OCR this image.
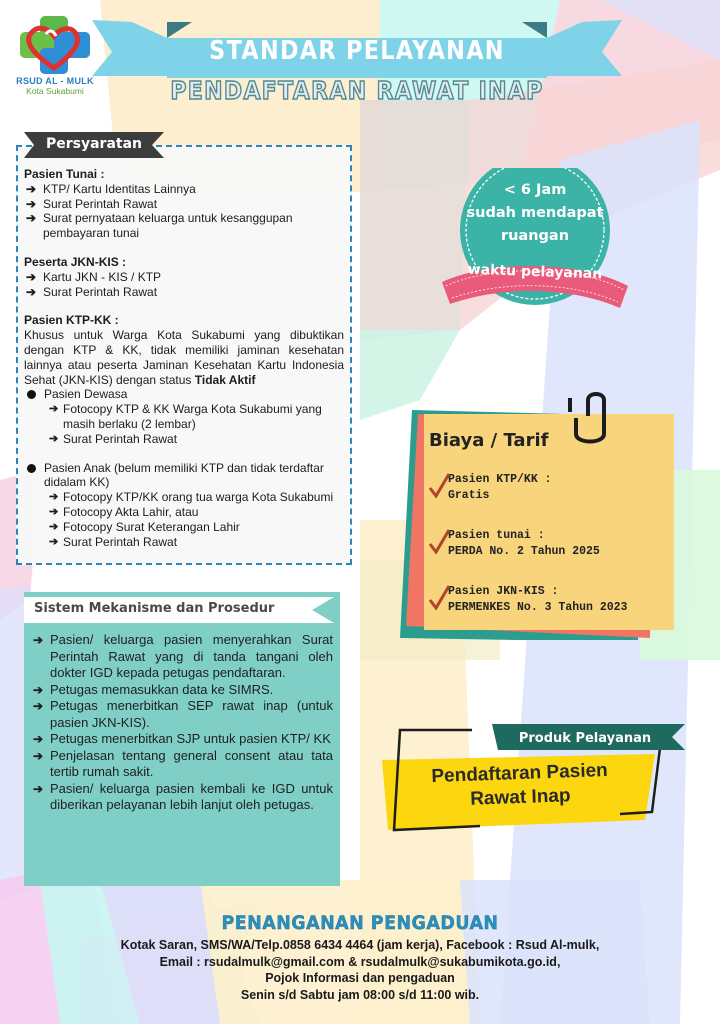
RSUD AL - MULK
Kota Sukabumi
STANDAR PELAYANAN
PENDAFTARAN RAWAT INAP
Persyaratan
Pasien Tunai :
➔ KTP/ Kartu Identitas Lainnya
➔ Surat Perintah Rawat
➔ Surat pernyataan keluarga untuk kesanggupan pembayaran tunai
Peserta JKN-KIS :
➔ Kartu JKN - KIS / KTP
➔ Surat Perintah Rawat
Pasien KTP-KK :
Khusus untuk Warga Kota Sukabumi yang dibuktikan dengan KTP & KK, tidak memiliki jaminan kesehatan lainnya atau peserta Jaminan Kesehatan Kartu Indonesia Sehat (JKN-KIS) dengan status Tidak Aktif
Pasien Dewasa
➔ Fotocopy KTP & KK Warga Kota Sukabumi yang masih berlaku (2 lembar)
➔ Surat Perintah Rawat
Pasien Anak (belum memiliki KTP dan tidak terdaftar didalam KK)
➔ Fotocopy KTP/KK orang tua warga Kota Sukabumi
➔ Fotocopy Akta Lahir, atau
➔ Fotocopy Surat Keterangan Lahir
➔ Surat Perintah Rawat
< 6 Jam
sudah mendapat
ruangan
waktu pelayanan
Biaya / Tarif
Pasien KTP/KK :
Gratis
Pasien tunai :
PERDA No. 2 Tahun 2025
Pasien JKN-KIS :
PERMENKES No. 3 Tahun 2023
Sistem Mekanisme dan Prosedur
➔ Pasien/ keluarga pasien menyerahkan Surat Perintah Rawat yang di tanda tangani oleh dokter IGD kepada petugas pendaftaran.
➔ Petugas memasukkan data ke SIMRS.
➔ Petugas menerbitkan SEP rawat inap (untuk pasien JKN-KIS).
➔ Petugas menerbitkan SJP untuk pasien KTP/ KK
➔ Penjelasan tentang general consent atau tata tertib rumah sakit.
➔ Pasien/ keluarga pasien kembali ke IGD untuk diberikan pelayanan lebih lanjut oleh petugas.
Produk Pelayanan
Pendaftaran Pasien
Rawat Inap
PENANGANAN PENGADUAN
Kotak Saran, SMS/WA/Telp.0858 6434 4464 (jam kerja), Facebook : Rsud Al-mulk,
Email : rsudalmulk@gmail.com & rsudalmulk@sukabumikota.go.id,
Pojok Informasi dan pengaduan
Senin s/d Sabtu jam 08:00 s/d 11:00 wib.
